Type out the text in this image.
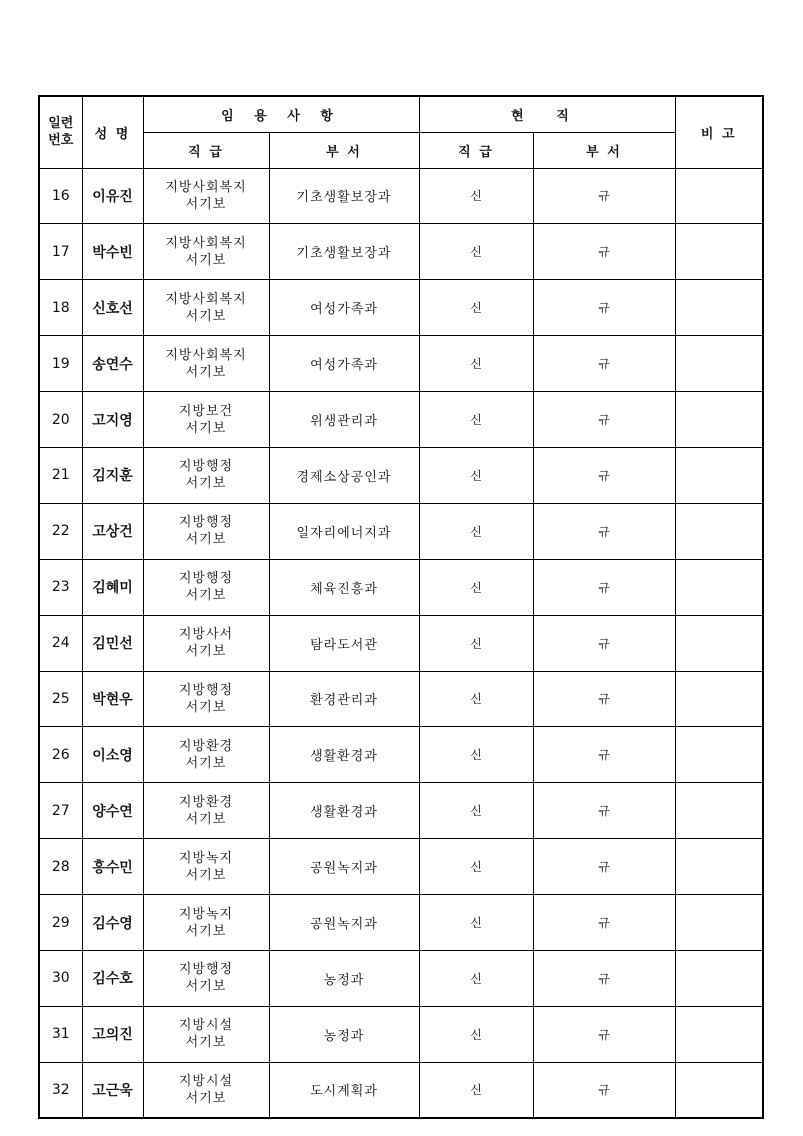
일련
번호	성 명	임 용 사 항		현 직		비 고
		직 급	부 서	직 급	부 서	
16	이유진	지방사회복지
서기보	기초생활보장과	신	규	
17	박수빈	지방사회복지
서기보	기초생활보장과	신	규	
18	신호선	지방사회복지
서기보	여성가족과	신	규	
19	송연수	지방사회복지
서기보	여성가족과	신	규	
20	고지영	지방보건
서기보	위생관리과	신	규	
21	김지훈	지방행정
서기보	경제소상공인과	신	규	
22	고상건	지방행정
서기보	일자리에너지과	신	규	
23	김혜미	지방행정
서기보	체육진흥과	신	규	
24	김민선	지방사서
서기보	탐라도서관	신	규	
25	박현우	지방행정
서기보	환경관리과	신	규	
26	이소영	지방환경
서기보	생활환경과	신	규	
27	양수연	지방환경
서기보	생활환경과	신	규	
28	홍수민	지방녹지
서기보	공원녹지과	신	규	
29	김수영	지방녹지
서기보	공원녹지과	신	규	
30	김수호	지방행정
서기보	농정과	신	규	
31	고의진	지방시설
서기보	농정과	신	규	
32	고근욱	지방시설
서기보	도시계획과	신	규	
